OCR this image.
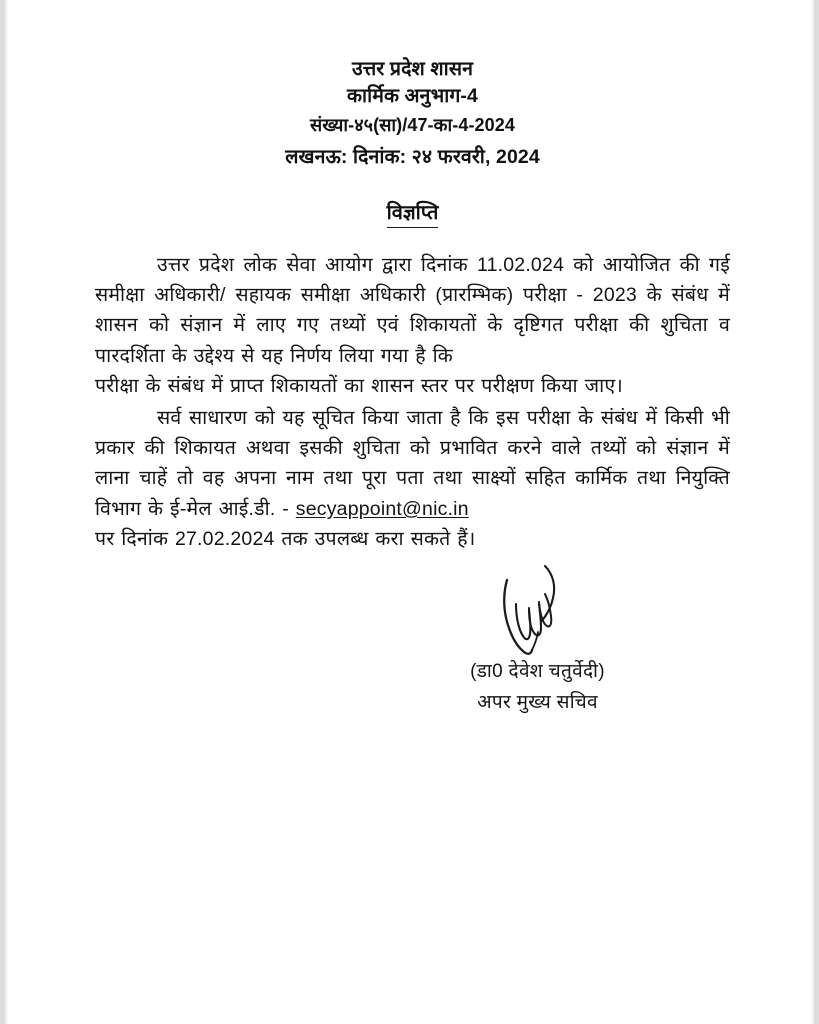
उत्तर प्रदेश शासन
कार्मिक अनुभाग-4
संख्या-४५(सा)/47-का-4-2024
लखनऊ: दिनांक: २४ फरवरी, 2024
विज्ञप्ति

उत्तर प्रदेश लोक सेवा आयोग द्वारा दिनांक 11.02.024 को आयोजित की गई समीक्षा अधिकारी/ सहायक समीक्षा अधिकारी (प्रारम्भिक) परीक्षा - 2023 के संबंध में शासन को संज्ञान में लाए गए तथ्यों एवं शिकायतों के दृष्टिगत परीक्षा की शुचिता व पारदर्शिता के उद्देश्य से यह निर्णय लिया गया है कि
परीक्षा के संबंध में प्राप्त शिकायतों का शासन स्तर पर परीक्षण किया जाए।

सर्व साधारण को यह सूचित किया जाता है कि इस परीक्षा के संबंध में किसी भी प्रकार की शिकायत अथवा इसकी शुचिता को प्रभावित करने वाले तथ्यों को संज्ञान में लाना चाहें तो वह अपना नाम तथा पूरा पता तथा साक्ष्यों सहित कार्मिक तथा नियुक्ति विभाग के ई-मेल आई.डी. - secyappoint@nic.in
पर दिनांक 27.02.2024 तक उपलब्ध करा सकते हैं।

(डा0 देवेश चतुर्वेदी)
अपर मुख्य सचिव
